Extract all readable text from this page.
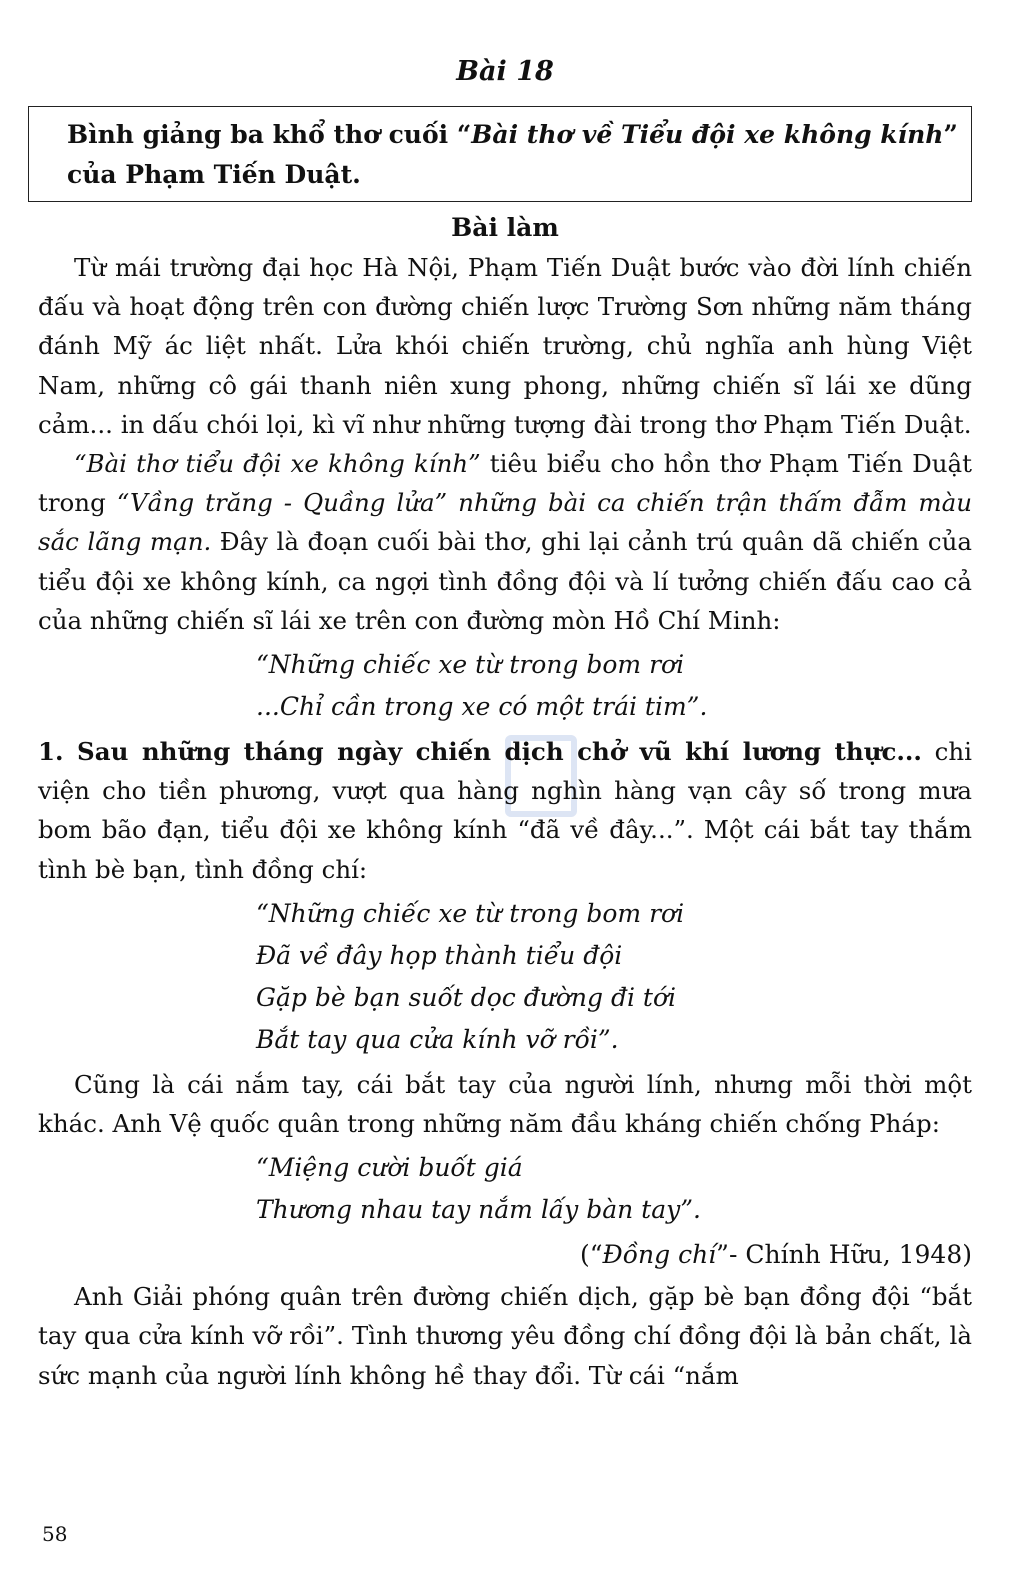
Bài 18
Bình giảng ba khổ thơ cuối “Bài thơ về Tiểu đội xe không kính” của Phạm Tiến Duật.
Bài làm

Từ mái trường đại học Hà Nội, Phạm Tiến Duật bước vào đời lính chiến đấu và hoạt động trên con đường chiến lược Trường Sơn những năm tháng đánh Mỹ ác liệt nhất. Lửa khói chiến trường, chủ nghĩa anh hùng Việt Nam, những cô gái thanh niên xung phong, những chiến sĩ lái xe dũng cảm... in dấu chói lọi, kì vĩ như những tượng đài trong thơ Phạm Tiến Duật.

“Bài thơ tiểu đội xe không kính” tiêu biểu cho hồn thơ Phạm Tiến Duật trong “Vầng trăng - Quầng lửa” những bài ca chiến trận thấm đẫm màu sắc lãng mạn. Đây là đoạn cuối bài thơ, ghi lại cảnh trú quân dã chiến của tiểu đội xe không kính, ca ngợi tình đồng đội và lí tưởng chiến đấu cao cả của những chiến sĩ lái xe trên con đường mòn Hồ Chí Minh:

“Những chiếc xe từ trong bom rơi
...Chỉ cần trong xe có một trái tim”.

1. Sau những tháng ngày chiến dịch chở vũ khí lương thực... chi viện cho tiền phương, vượt qua hàng nghìn hàng vạn cây số trong mưa bom bão đạn, tiểu đội xe không kính “đã về đây...”. Một cái bắt tay thắm tình bè bạn, tình đồng chí:

“Những chiếc xe từ trong bom rơi
Đã về đây họp thành tiểu đội
Gặp bè bạn suốt dọc đường đi tới
Bắt tay qua cửa kính vỡ rồi”.

Cũng là cái nắm tay, cái bắt tay của người lính, nhưng mỗi thời một khác. Anh Vệ quốc quân trong những năm đầu kháng chiến chống Pháp:

“Miệng cười buốt giá
Thương nhau tay nắm lấy bàn tay”.
(“Đồng chí”- Chính Hữu, 1948)

Anh Giải phóng quân trên đường chiến dịch, gặp bè bạn đồng đội “bắt tay qua cửa kính vỡ rồi”. Tình thương yêu đồng chí đồng đội là bản chất, là sức mạnh của người lính không hề thay đổi. Từ cái “nắm

58
